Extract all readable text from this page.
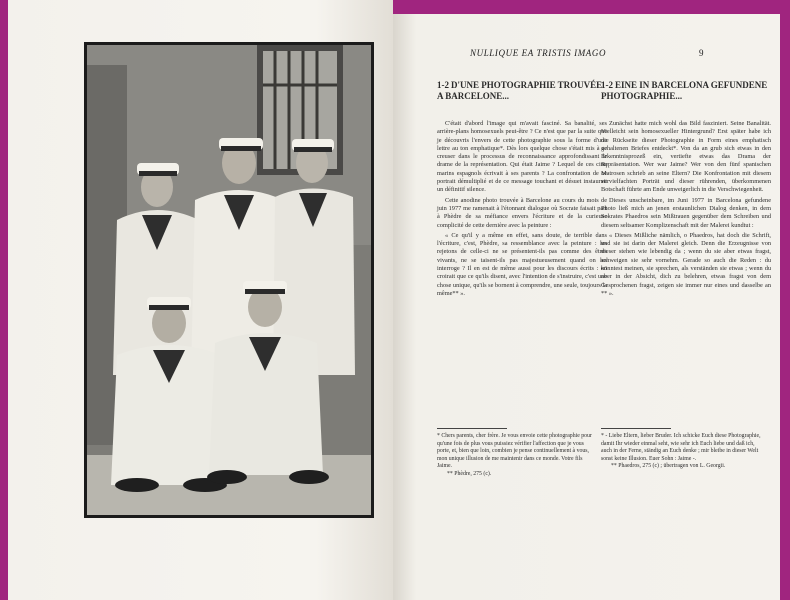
NULLIQUE EA TRISTIS IMAGO	9
1-2 D'UNE PHOTOGRAPHIE TROUVÉE A BARCELONE...

C'était d'abord l'image qui m'avait fasciné. Sa banalité, ses arrière-plans homosexuels peut-être ? Ce n'est que par la suite que je découvris l'envers de cette photographie sous la forme d'une lettre au ton emphatique*. Dès lors quelque chose s'était mis à se creuser dans le processus de reconnaissance approfondissant le drame de la représentation. Qui était Jaime ? Lequel de ces cinq marins espagnols écrivait à ses parents ? La confrontation de ce portrait démultiplié et de ce message touchant et désuet instaurait un définitif silence.

Cette anodine photo trouvée à Barcelone au cours du mois de juin 1977 me ramenait à l'étonnant dialogue où Socrate faisait part à Phèdre de sa méfiance envers l'écriture et de la curieuse complicité de cette dernière avec la peinture :

« Ce qu'il y a même en effet, sans doute, de terrible dans l'écriture, c'est, Phèdre, sa ressemblance avec la peinture : les rejetons de celle-ci ne se présentent-ils pas comme des êtres vivants, ne se taisent-ils pas majestueusement quand on les interroge ? Il en est de même aussi pour les discours écrits : on croirait que ce qu'ils disent, avec l'intention de s'instruire, c'est une chose unique, qu'ils se bornent à comprendre, une seule, toujours la même** ».

1-2 EINE IN BARCELONA GEFUNDENE PHOTOGRAPHIE...

Zunächst hatte mich wohl das Bild fasziniert. Seine Banalität. Vielleicht sein homosexueller Hintergrund? Erst später habe ich die Rückseite dieser Photographie in Form eines emphatisch gehaltenen Briefes entdeckt*. Von da an grub sich etwas in den Erkenntnisprozeß ein, vertiefte etwas das Drama der Repräsentation. Wer war Jaime? Wer von den fünf spanischen Matrosen schrieb an seine Eltern? Die Konfrontation mit diesem vervielfachten Porträt und dieser rührenden, überkommenen Botschaft führte am Ende unweigerlich in die Verschwiegenheit.

Dieses unscheinbare, im Juni 1977 in Barcelona gefundene Photo ließ mich an jenen erstaunlichen Dialog denken, in dem Sokrates Phaedros sein Mißtrauen gegenüber dem Schreiben und diesem seltsamer Komplizenschaft mit der Malerei kundtut :

« Dieses Mißliche nämlich, o Phaedros, hat doch die Schrift, und sie ist darin der Malerei gleich. Denn die Erzeugnisse von dieser stehen wie lebendig da ; wenn du sie aber etwas fragst, schweigen sie sehr vornehm. Gerade so auch die Reden : du könntest meinen, sie sprechen, als verständen sie etwas ; wenn du aber in der Absicht, dich zu belehren, etwas fragst von dem Gesprochenen fragst, zeigen sie immer nur eines und dasselbe an ** ».

* Chers parents, cher frère. Je vous envoie cette photographie pour qu'une fois de plus vous puissiez vérifier l'affection que je vous porte, et, bien que loin, combien je pense continuellement à vous, mon unique illusion de me maintenir dans ce monde. Votre fils Jaime.
** Phèdre, 275 (c).
* - Liebe Eltern, lieber Bruder. Ich schicke Euch diese Photographie, damit Ihr wieder einmal seht, wie sehr ich Euch liebe und daß ich, auch in der Ferne, ständig an Euch denke ; mir bleibe in dieser Welt sonst keine Illusion. Euer Sohn : Jaime -.
** Phaedros, 275 (c) ; übertragen von L. Georgii.
